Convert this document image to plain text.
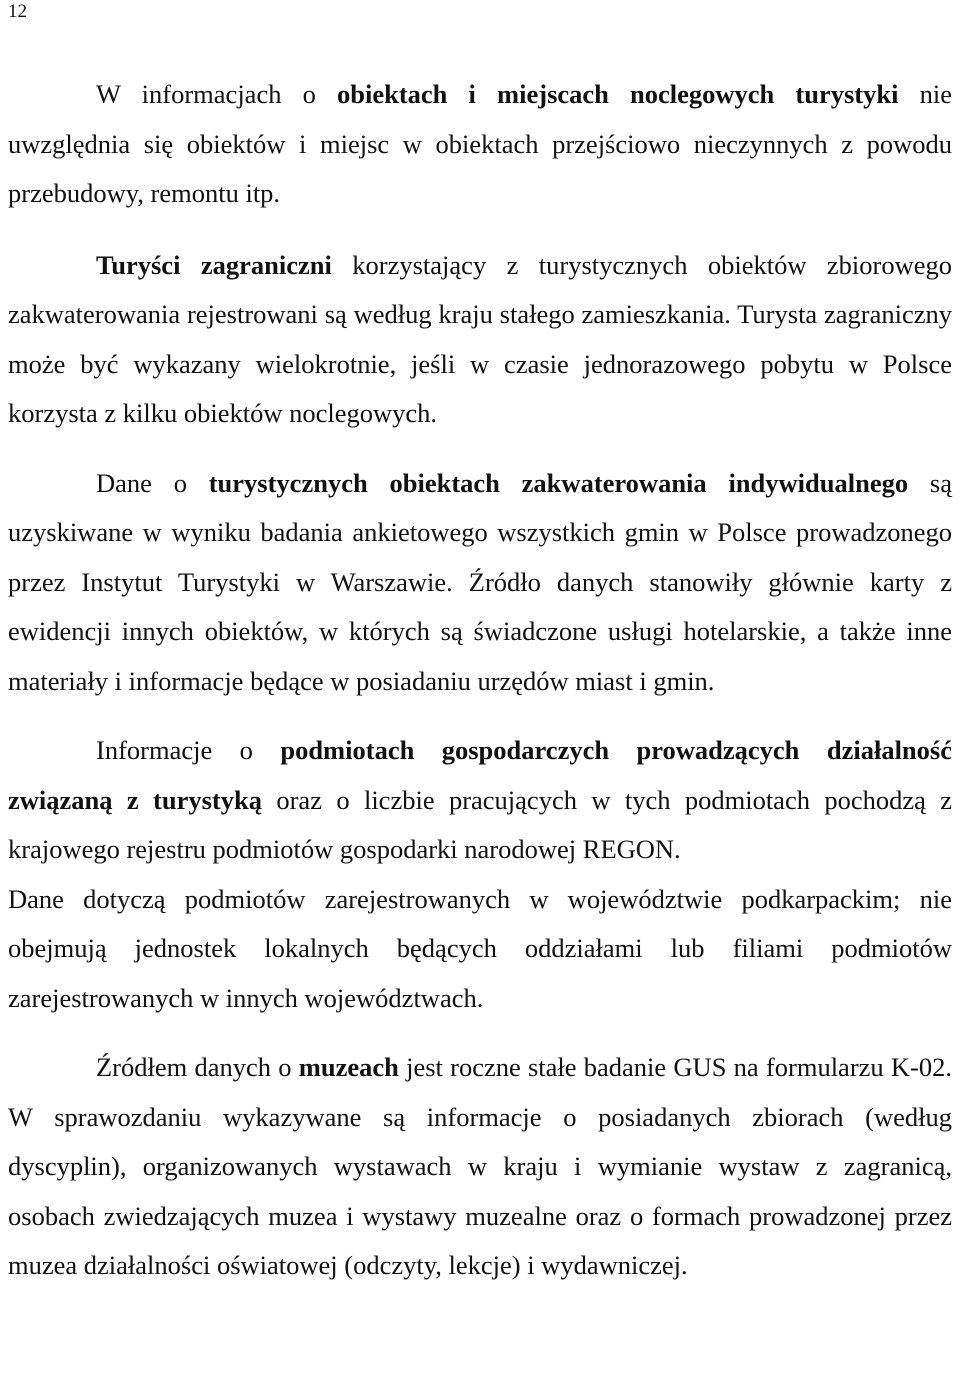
12

W informacjach o obiektach i miejscach noclegowych turystyki nie uwzględnia się obiektów i miejsc w obiektach przejściowo nieczynnych z powodu przebudowy, remontu itp.

Turyści zagraniczni korzystający z turystycznych obiektów zbiorowego zakwaterowania rejestrowani są według kraju stałego zamieszkania. Turysta zagraniczny może być wykazany wielokrotnie, jeśli w czasie jednorazowego pobytu w Polsce korzysta z kilku obiektów noclegowych.

Dane o turystycznych obiektach zakwaterowania indywidualnego są uzyskiwane w wyniku badania ankietowego wszystkich gmin w Polsce prowadzonego przez Instytut Turystyki w Warszawie. Źródło danych stanowiły głównie karty z ewidencji innych obiektów, w których są świadczone usługi hotelarskie, a także inne materiały i informacje będące w posiadaniu urzędów miast i gmin.

Informacje o podmiotach gospodarczych prowadzących działalność związaną z turystyką oraz o liczbie pracujących w tych podmiotach pochodzą z krajowego rejestru podmiotów gospodarki narodowej REGON.

Dane dotyczą podmiotów zarejestrowanych w województwie podkarpackim; nie obejmują jednostek lokalnych będących oddziałami lub filiami podmiotów zarejestrowanych w innych województwach.

Źródłem danych o muzeach jest roczne stałe badanie GUS na formularzu K-02. W sprawozdaniu wykazywane są informacje o posiadanych zbiorach (według dyscyplin), organizowanych wystawach w kraju i wymianie wystaw z zagranicą, osobach zwiedzających muzea i wystawy muzealne oraz o formach prowadzonej przez muzea działalności oświatowej (odczyty, lekcje) i wydawniczej.
